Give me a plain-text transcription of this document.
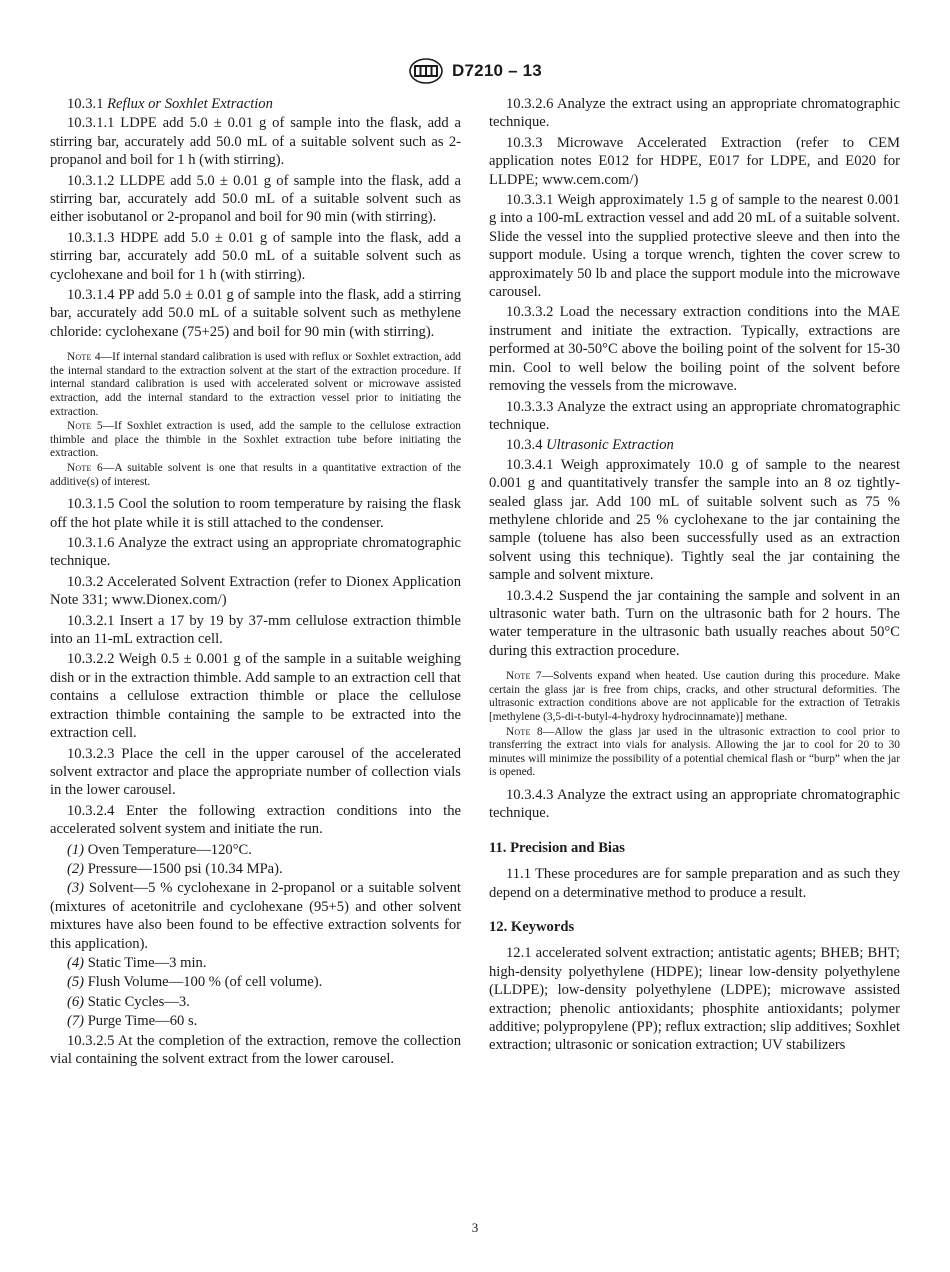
D7210 – 13

10.3.1 Reflux or Soxhlet Extraction

10.3.1.1 LDPE add 5.0 ± 0.01 g of sample into the flask, add a stirring bar, accurately add 50.0 mL of a suitable solvent such as 2-propanol and boil for 1 h (with stirring).

10.3.1.2 LLDPE add 5.0 ± 0.01 g of sample into the flask, add a stirring bar, accurately add 50.0 mL of a suitable solvent such as either isobutanol or 2-propanol and boil for 90 min (with stirring).

10.3.1.3 HDPE add 5.0 ± 0.01 g of sample into the flask, add a stirring bar, accurately add 50.0 mL of a suitable solvent such as cyclohexane and boil for 1 h (with stirring).

10.3.1.4 PP add 5.0 ± 0.01 g of sample into the flask, add a stirring bar, accurately add 50.0 mL of a suitable solvent such as methylene chloride: cyclohexane (75+25) and boil for 90 min (with stirring).

Note 4—If internal standard calibration is used with reflux or Soxhlet extraction, add the internal standard to the extraction solvent at the start of the extraction procedure. If internal standard calibration is used with accelerated solvent or microwave assisted extraction, add the internal standard to the extraction vessel prior to initiating the extraction.

Note 5—If Soxhlet extraction is used, add the sample to the cellulose extraction thimble and place the thimble in the Soxhlet extraction tube before initiating the extraction.

Note 6—A suitable solvent is one that results in a quantitative extraction of the additive(s) of interest.

10.3.1.5 Cool the solution to room temperature by raising the flask off the hot plate while it is still attached to the condenser.

10.3.1.6 Analyze the extract using an appropriate chromatographic technique.

10.3.2 Accelerated Solvent Extraction (refer to Dionex Application Note 331; www.Dionex.com/)

10.3.2.1 Insert a 17 by 19 by 37-mm cellulose extraction thimble into an 11-mL extraction cell.

10.3.2.2 Weigh 0.5 ± 0.001 g of the sample in a suitable weighing dish or in the extraction thimble. Add sample to an extraction cell that contains a cellulose extraction thimble or place the cellulose extraction thimble containing the sample to be extracted into the extraction cell.

10.3.2.3 Place the cell in the upper carousel of the accelerated solvent extractor and place the appropriate number of collection vials in the lower carousel.

10.3.2.4 Enter the following extraction conditions into the accelerated solvent system and initiate the run.

(1) Oven Temperature—120°C.

(2) Pressure—1500 psi (10.34 MPa).

(3) Solvent—5 % cyclohexane in 2-propanol or a suitable solvent (mixtures of acetonitrile and cyclohexane (95+5) and other solvent mixtures have also been found to be effective extraction solvents for this application).

(4) Static Time—3 min.

(5) Flush Volume—100 % (of cell volume).

(6) Static Cycles—3.

(7) Purge Time—60 s.

10.3.2.5 At the completion of the extraction, remove the collection vial containing the solvent extract from the lower carousel.

10.3.2.6 Analyze the extract using an appropriate chromatographic technique.

10.3.3 Microwave Accelerated Extraction (refer to CEM application notes E012 for HDPE, E017 for LDPE, and E020 for LLDPE; www.cem.com/)

10.3.3.1 Weigh approximately 1.5 g of sample to the nearest 0.001 g into a 100-mL extraction vessel and add 20 mL of a suitable solvent. Slide the vessel into the supplied protective sleeve and then into the support module. Using a torque wrench, tighten the cover screw to approximately 50 lb and place the support module into the microwave carousel.

10.3.3.2 Load the necessary extraction conditions into the MAE instrument and initiate the extraction. Typically, extractions are performed at 30-50°C above the boiling point of the solvent for 15-30 min. Cool to well below the boiling point of the solvent before removing the vessels from the microwave.

10.3.3.3 Analyze the extract using an appropriate chromatographic technique.

10.3.4 Ultrasonic Extraction

10.3.4.1 Weigh approximately 10.0 g of sample to the nearest 0.001 g and quantitatively transfer the sample into an 8 oz tightly-sealed glass jar. Add 100 mL of suitable solvent such as 75 % methylene chloride and 25 % cyclohexane to the jar containing the sample (toluene has also been successfully used as an extraction solvent using this technique). Tightly seal the jar containing the sample and solvent mixture.

10.3.4.2 Suspend the jar containing the sample and solvent in an ultrasonic water bath. Turn on the ultrasonic bath for 2 hours. The water temperature in the ultrasonic bath usually reaches about 50°C during this extraction procedure.

Note 7—Solvents expand when heated. Use caution during this procedure. Make certain the glass jar is free from chips, cracks, and other structural deformities. The ultrasonic extraction conditions above are not applicable for the extraction of Tetrakis [methylene (3,5-di-t-butyl-4-hydroxy hydrocinnamate)] methane.

Note 8—Allow the glass jar used in the ultrasonic extraction to cool prior to transferring the extract into vials for analysis. Allowing the jar to cool for 20 to 30 minutes will minimize the possibility of a potential chemical flash or “burp” when the jar is opened.

10.3.4.3 Analyze the extract using an appropriate chromatographic technique.

11. Precision and Bias

11.1 These procedures are for sample preparation and as such they depend on a determinative method to produce a result.

12. Keywords

12.1 accelerated solvent extraction; antistatic agents; BHEB; BHT; high-density polyethylene (HDPE); linear low-density polyethylene (LLDPE); low-density polyethylene (LDPE); microwave assisted extraction; phenolic antioxidants; phosphite antioxidants; polymer additive; polypropylene (PP); reflux extraction; slip additives; Soxhlet extraction; ultrasonic or sonication extraction; UV stabilizers

3
